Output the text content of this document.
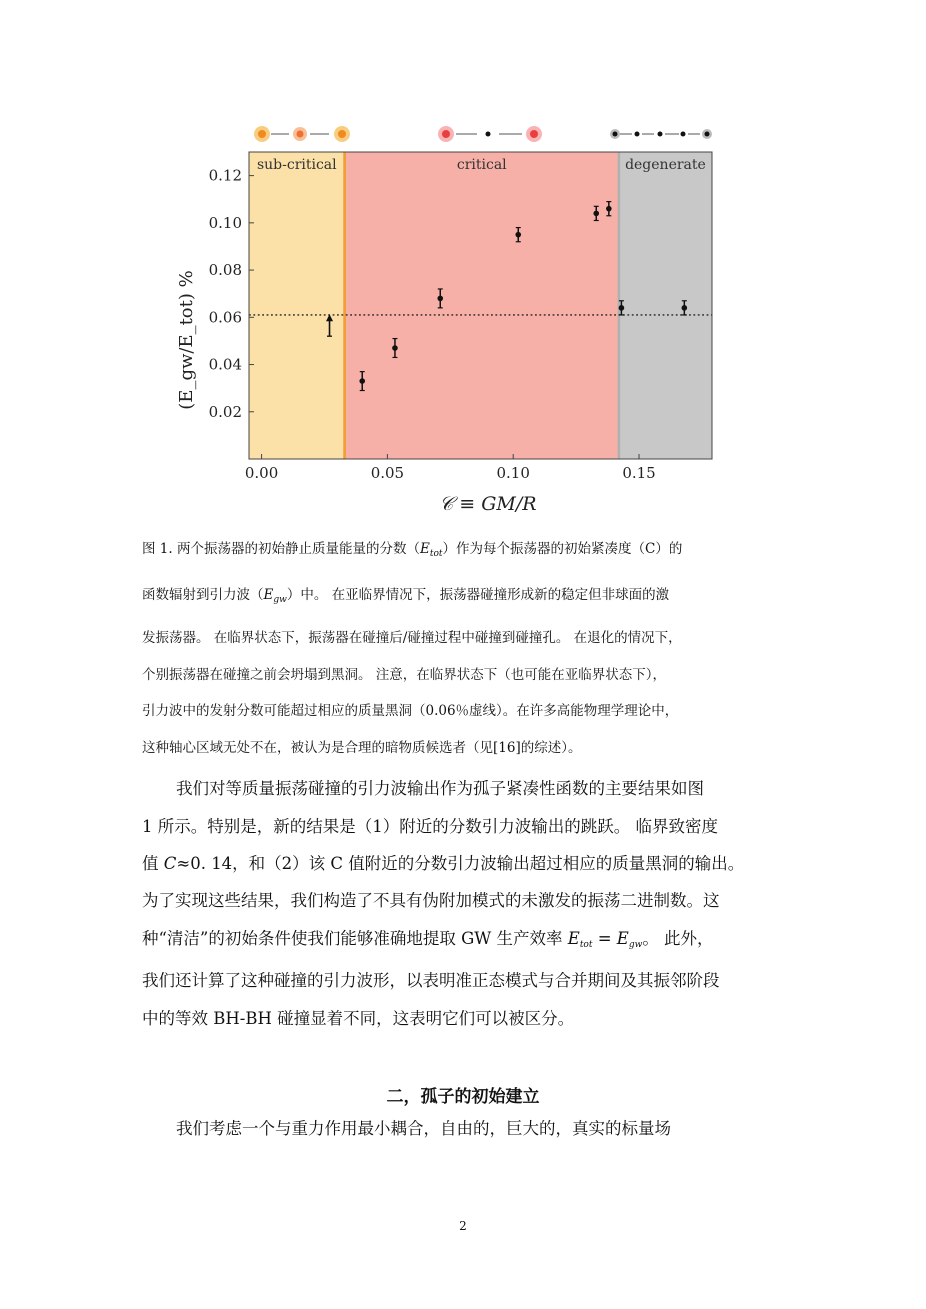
sub-critical	critical	degenerate
0.00	0.05	0.10	0.15
0.02
0.04
0.06
0.08
0.10
0.12
𝒞 ≡ GM/R
(E_gw/E_tot) %
图 1. 两个振荡器的初始静止质量能量的分数$(E_{tot})$作为每个振荡器的初始紧凑度（C）的
函数辐射到引力波$(E_{gw})$中。 在亚临界情况下，振荡器碰撞形成新的稳定但非球面的激
发振荡器。 在临界状态下，振荡器在碰撞后/碰撞过程中碰撞到碰撞孔。 在退化的情况下，
个别振荡器在碰撞之前会坍塌到黑洞。 注意，在临界状态下（也可能在亚临界状态下），
引力波中的发射分数可能超过相应的质量黑洞（0.06％虚线）。在许多高能物理学理论中，
这种轴心区域无处不在，被认为是合理的暗物质候选者（见[16]的综述）。
我们对等质量振荡碰撞的引力波输出作为孤子紧凑性函数的主要结果如图
1 所示。特别是，新的结果是（1）附近的分数引力波输出的跳跃。 临界致密度
值 C≈0. 14，和（2）该 C 值附近的分数引力波输出超过相应的质量黑洞的输出。
为了实现这些结果，我们构造了不具有伪附加模式的未激发的振荡二进制数。这
种“清洁”的初始条件使我们能够准确地提取 GW 生产效率 $E_{tot} = E_{gw}$。 此外，
我们还计算了这种碰撞的引力波形，以表明准正态模式与合并期间及其振邻阶段
中的等效 BH-BH 碰撞显着不同，这表明它们可以被区分。
二，孤子的初始建立
我们考虑一个与重力作用最小耦合，自由的，巨大的，真实的标量场
2
